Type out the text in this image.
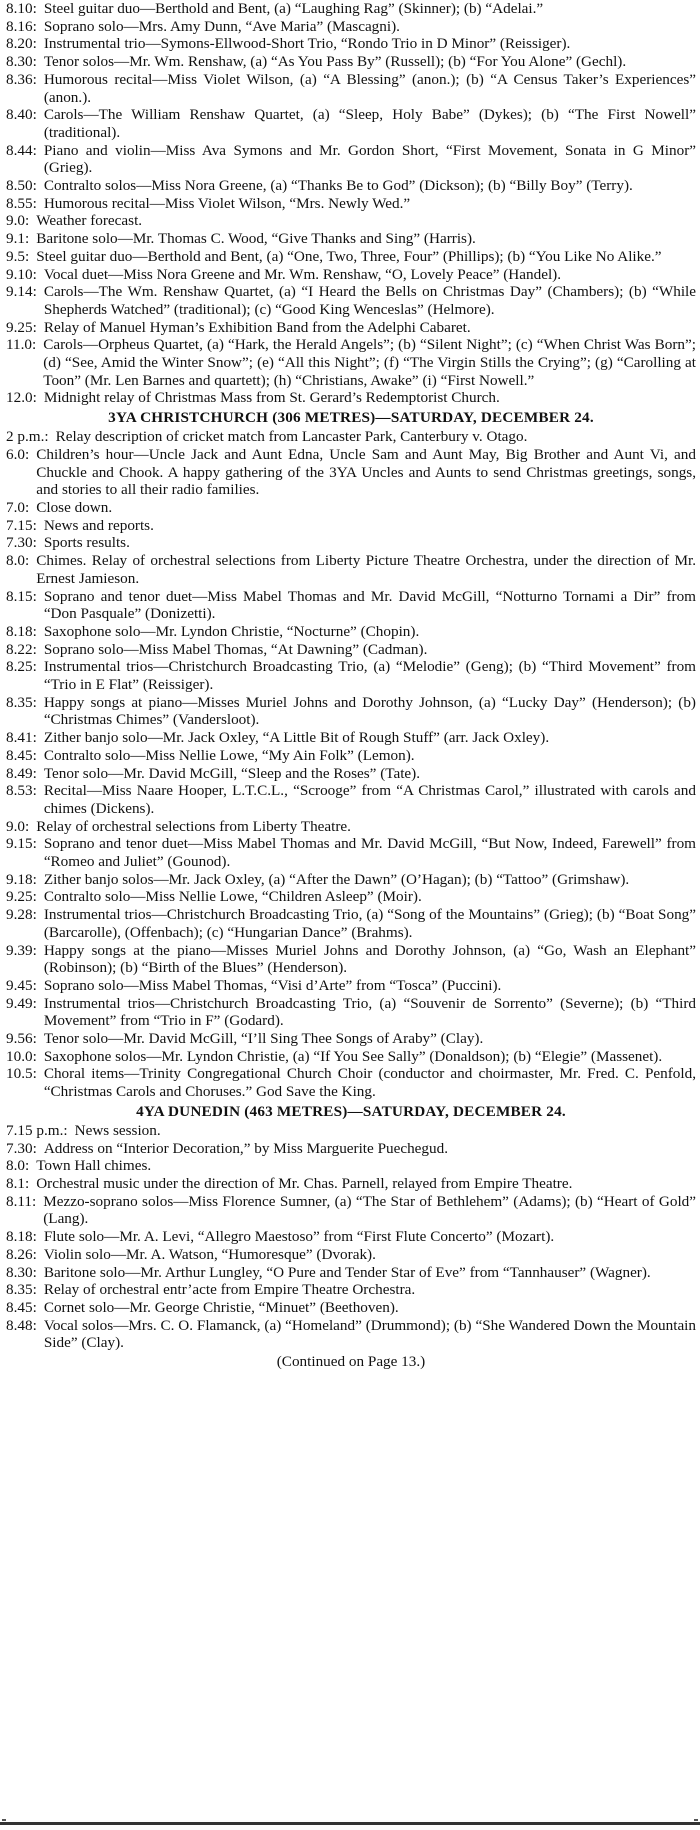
8.10: Steel guitar duo—Berthold and Bent, (a) “Laughing Rag” (Skinner); (b) “Adelai.”
8.16: Soprano solo—Mrs. Amy Dunn, “Ave Maria” (Mascagni).
8.20: Instrumental trio—Symons-Ellwood-Short Trio, “Rondo Trio in D Minor” (Reissiger).
8.30: Tenor solos—Mr. Wm. Renshaw, (a) “As You Pass By” (Russell); (b) “For You Alone” (Gechl).
8.36: Humorous recital—Miss Violet Wilson, (a) “A Blessing” (anon.); (b) “A Census Taker’s Experiences” (anon.).
8.40: Carols—The William Renshaw Quartet, (a) “Sleep, Holy Babe” (Dykes); (b) “The First Nowell” (traditional).
8.44: Piano and violin—Miss Ava Symons and Mr. Gordon Short, “First Movement, Sonata in G Minor” (Grieg).
8.50: Contralto solos—Miss Nora Greene, (a) “Thanks Be to God” (Dickson); (b) “Billy Boy” (Terry).
8.55: Humorous recital—Miss Violet Wilson, “Mrs. Newly Wed.”
9.0: Weather forecast.
9.1: Baritone solo—Mr. Thomas C. Wood, “Give Thanks and Sing” (Harris).
9.5: Steel guitar duo—Berthold and Bent, (a) “One, Two, Three, Four” (Phillips); (b) “You Like No Alike.”
9.10: Vocal duet—Miss Nora Greene and Mr. Wm. Renshaw, “O, Lovely Peace” (Handel).
9.14: Carols—The Wm. Renshaw Quartet, (a) “I Heard the Bells on Christmas Day” (Chambers); (b) “While Shepherds Watched” (traditional); (c) “Good King Wenceslas” (Helmore).
9.25: Relay of Manuel Hyman’s Exhibition Band from the Adelphi Cabaret.
11.0: Carols—Orpheus Quartet, (a) “Hark, the Herald Angels”; (b) “Silent Night”; (c) “When Christ Was Born”; (d) “See, Amid the Winter Snow”; (e) “All this Night”; (f) “The Virgin Stills the Crying”; (g) “Carolling at Toon” (Mr. Len Barnes and quartett); (h) “Christians, Awake” (i) “First Nowell.”
12.0: Midnight relay of Christmas Mass from St. Gerard’s Redemptorist Church.
3YA CHRISTCHURCH (306 METRES)—SATURDAY, DECEMBER 24.
2 p.m.: Relay description of cricket match from Lancaster Park, Canterbury v. Otago.
6.0: Children’s hour—Uncle Jack and Aunt Edna, Uncle Sam and Aunt May, Big Brother and Aunt Vi, and Chuckle and Chook. A happy gathering of the 3YA Uncles and Aunts to send Christmas greetings, songs, and stories to all their radio families.
7.0: Close down.
7.15: News and reports.
7.30: Sports results.
8.0: Chimes. Relay of orchestral selections from Liberty Picture Theatre Orchestra, under the direction of Mr. Ernest Jamieson.
8.15: Soprano and tenor duet—Miss Mabel Thomas and Mr. David McGill, “Notturno Tornami a Dir” from “Don Pasquale” (Donizetti).
8.18: Saxophone solo—Mr. Lyndon Christie, “Nocturne” (Chopin).
8.22: Soprano solo—Miss Mabel Thomas, “At Dawning” (Cadman).
8.25: Instrumental trios—Christchurch Broadcasting Trio, (a) “Melodie” (Geng); (b) “Third Movement” from “Trio in E Flat” (Reissiger).
8.35: Happy songs at piano—Misses Muriel Johns and Dorothy Johnson, (a) “Lucky Day” (Henderson); (b) “Christmas Chimes” (Vandersloot).
8.41: Zither banjo solo—Mr. Jack Oxley, “A Little Bit of Rough Stuff” (arr. Jack Oxley).
8.45: Contralto solo—Miss Nellie Lowe, “My Ain Folk” (Lemon).
8.49: Tenor solo—Mr. David McGill, “Sleep and the Roses” (Tate).
8.53: Recital—Miss Naare Hooper, L.T.C.L., “Scrooge” from “A Christmas Carol,” illustrated with carols and chimes (Dickens).
9.0: Relay of orchestral selections from Liberty Theatre.
9.15: Soprano and tenor duet—Miss Mabel Thomas and Mr. David McGill, “But Now, Indeed, Farewell” from “Romeo and Juliet” (Gounod).
9.18: Zither banjo solos—Mr. Jack Oxley, (a) “After the Dawn” (O’Hagan); (b) “Tattoo” (Grimshaw).
9.25: Contralto solo—Miss Nellie Lowe, “Children Asleep” (Moir).
9.28: Instrumental trios—Christchurch Broadcasting Trio, (a) “Song of the Mountains” (Grieg); (b) “Boat Song” (Barcarolle), (Offenbach); (c) “Hungarian Dance” (Brahms).
9.39: Happy songs at the piano—Misses Muriel Johns and Dorothy Johnson, (a) “Go, Wash an Elephant” (Robinson); (b) “Birth of the Blues” (Henderson).
9.45: Soprano solo—Miss Mabel Thomas, “Visi d’Arte” from “Tosca” (Puccini).
9.49: Instrumental trios—Christchurch Broadcasting Trio, (a) “Souvenir de Sorrento” (Severne); (b) “Third Movement” from “Trio in F” (Godard).
9.56: Tenor solo—Mr. David McGill, “I’ll Sing Thee Songs of Araby” (Clay).
10.0: Saxophone solos—Mr. Lyndon Christie, (a) “If You See Sally” (Donaldson); (b) “Elegie” (Massenet).
10.5: Choral items—Trinity Congregational Church Choir (conductor and choirmaster, Mr. Fred. C. Penfold, “Christmas Carols and Choruses.” God Save the King.
4YA DUNEDIN (463 METRES)—SATURDAY, DECEMBER 24.
7.15 p.m.: News session.
7.30: Address on “Interior Decoration,” by Miss Marguerite Puechegud.
8.0: Town Hall chimes.
8.1: Orchestral music under the direction of Mr. Chas. Parnell, relayed from Empire Theatre.
8.11: Mezzo-soprano solos—Miss Florence Sumner, (a) “The Star of Bethlehem” (Adams); (b) “Heart of Gold” (Lang).
8.18: Flute solo—Mr. A. Levi, “Allegro Maestoso” from “First Flute Concerto” (Mozart).
8.26: Violin solo—Mr. A. Watson, “Humoresque” (Dvorak).
8.30: Baritone solo—Mr. Arthur Lungley, “O Pure and Tender Star of Eve” from “Tannhauser” (Wagner).
8.35: Relay of orchestral entr’acte from Empire Theatre Orchestra.
8.45: Cornet solo—Mr. George Christie, “Minuet” (Beethoven).
8.48: Vocal solos—Mrs. C. O. Flamanck, (a) “Homeland” (Drummond); (b) “She Wandered Down the Mountain Side” (Clay).
(Continued on Page 13.)
